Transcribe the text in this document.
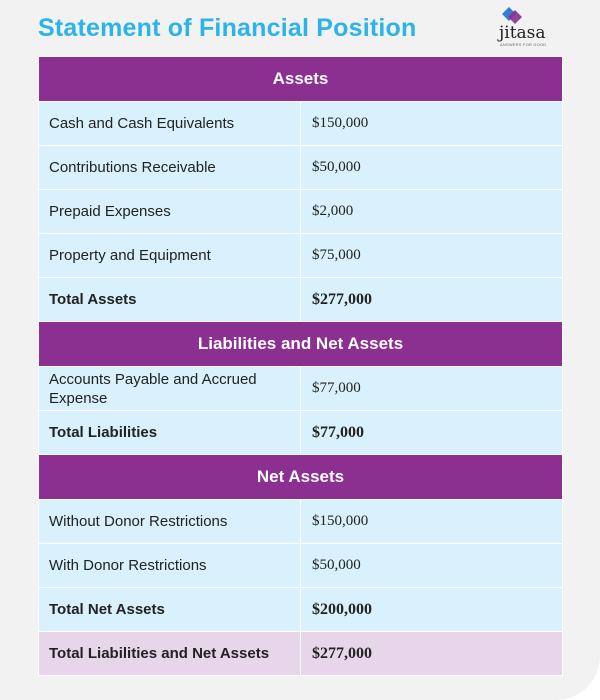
Statement of Financial Position	jitasa
ANSWERS FOR GOOD
Assets	
Cash and Cash Equivalents	$150,000
Contributions Receivable	$50,000
Prepaid Expenses	$2,000
Property and Equipment	$75,000
Total Assets	$277,000
Liabilities and Net Assets	
Accounts Payable and Accrued Expense	$77,000
Total Liabilities	$77,000
Net Assets	
Without Donor Restrictions	$150,000
With Donor Restrictions	$50,000
Total Net Assets	$200,000
Total Liabilities and Net Assets	$277,000
